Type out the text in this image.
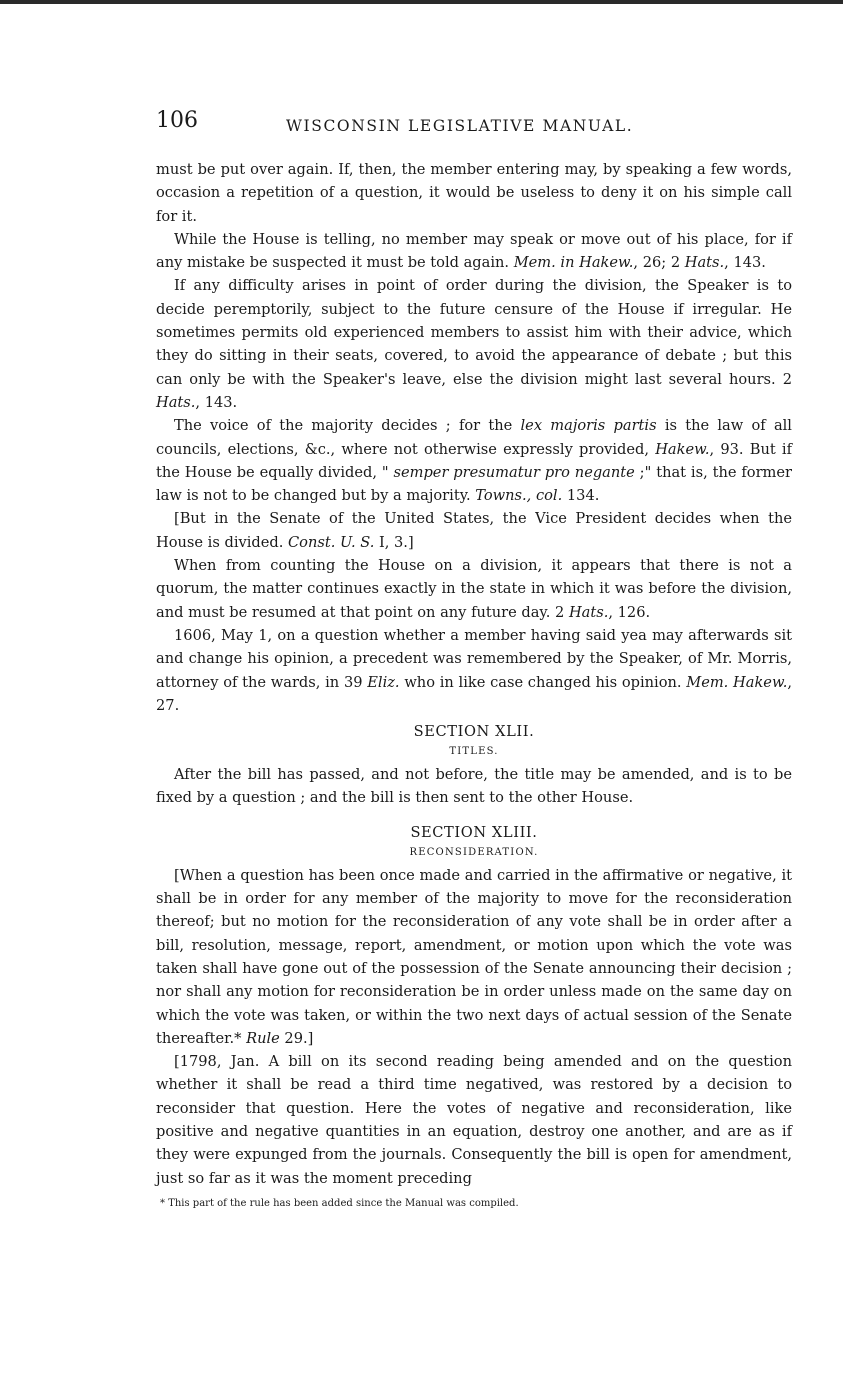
106	WISCONSIN LEGISLATIVE MANUAL.

must be put over again. If, then, the member entering may, by speaking a few words, occasion a repetition of a question, it would be useless to deny it on his simple call for it.

While the House is telling, no member may speak or move out of his place, for if any mistake be suspected it must be told again. Mem. in Hakew., 26; 2 Hats., 143.

If any difficulty arises in point of order during the division, the Speaker is to decide peremptorily, subject to the future censure of the House if irregular. He sometimes permits old experienced members to assist him with their advice, which they do sitting in their seats, covered, to avoid the appearance of debate ; but this can only be with the Speaker's leave, else the division might last several hours. 2 Hats., 143.

The voice of the majority decides ; for the lex majoris partis is the law of all councils, elections, &c., where not otherwise expressly provided, Hakew., 93. But if the House be equally divided, " semper presumatur pro negante ;" that is, the former law is not to be changed but by a majority. Towns., col. 134.

[But in the Senate of the United States, the Vice President decides when the House is divided. Const. U. S. I, 3.]

When from counting the House on a division, it appears that there is not a quorum, the matter continues exactly in the state in which it was before the division, and must be resumed at that point on any future day. 2 Hats., 126.

1606, May 1, on a question whether a member having said yea may afterwards sit and change his opinion, a precedent was remembered by the Speaker, of Mr. Morris, attorney of the wards, in 39 Eliz. who in like case changed his opinion. Mem. Hakew., 27.

SECTION XLII.
TITLES.

After the bill has passed, and not before, the title may be amended, and is to be fixed by a question ; and the bill is then sent to the other House.

SECTION XLIII.
RECONSIDERATION.

[When a question has been once made and carried in the affirmative or negative, it shall be in order for any member of the majority to move for the reconsideration thereof; but no motion for the reconsideration of any vote shall be in order after a bill, resolution, message, report, amendment, or motion upon which the vote was taken shall have gone out of the possession of the Senate announcing their decision ; nor shall any motion for reconsideration be in order unless made on the same day on which the vote was taken, or within the two next days of actual session of the Senate thereafter.* Rule 29.]

[1798, Jan. A bill on its second reading being amended and on the question whether it shall be read a third time negatived, was restored by a decision to reconsider that question. Here the votes of negative and reconsideration, like positive and negative quantities in an equation, destroy one another, and are as if they were expunged from the journals. Consequently the bill is open for amendment, just so far as it was the moment preceding

* This part of the rule has been added since the Manual was compiled.
